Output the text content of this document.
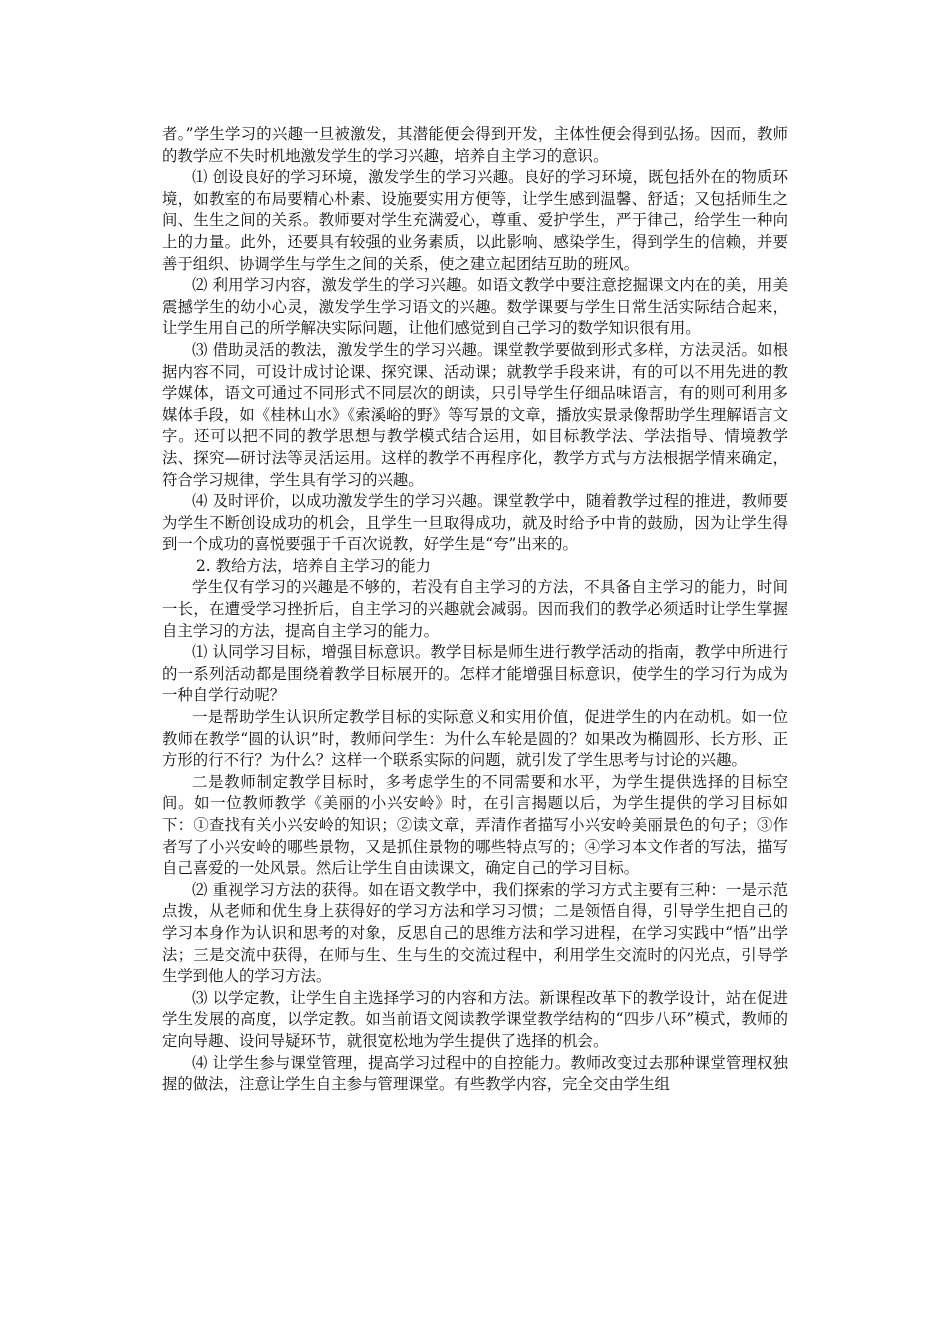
者。”学生学习的兴趣一旦被激发，其潜能便会得到开发，主体性便会得到弘扬。因而，教师的教学应不失时机地激发学生的学习兴趣，培养自主学习的意识。

⑴ 创设良好的学习环境，激发学生的学习兴趣。良好的学习环境，既包括外在的物质环境，如教室的布局要精心朴素、设施要实用方便等，让学生感到温馨、舒适；又包括师生之间、生生之间的关系。教师要对学生充满爱心，尊重、爱护学生，严于律己，给学生一种向上的力量。此外，还要具有较强的业务素质，以此影响、感染学生，得到学生的信赖，并要善于组织、协调学生与学生之间的关系，使之建立起团结互助的班风。

⑵ 利用学习内容，激发学生的学习兴趣。如语文教学中要注意挖掘课文内在的美，用美震撼学生的幼小心灵，激发学生学习语文的兴趣。数学课要与学生日常生活实际结合起来，让学生用自己的所学解决实际问题，让他们感觉到自己学习的数学知识很有用。

⑶ 借助灵活的教法，激发学生的学习兴趣。课堂教学要做到形式多样，方法灵活。如根据内容不同，可设计成讨论课、探究课、活动课；就教学手段来讲，有的可以不用先进的教学媒体，语文可通过不同形式不同层次的朗读，只引导学生仔细品味语言，有的则可利用多媒体手段，如《桂林山水》《索溪峪的野》等写景的文章，播放实景录像帮助学生理解语言文字。还可以把不同的教学思想与教学模式结合运用，如目标教学法、学法指导、情境教学法、探究—研讨法等灵活运用。这样的教学不再程序化，教学方式与方法根据学情来确定，符合学习规律，学生具有学习的兴趣。

⑷ 及时评价，以成功激发学生的学习兴趣。课堂教学中，随着教学过程的推进，教师要为学生不断创设成功的机会，且学生一旦取得成功，就及时给予中肯的鼓励，因为让学生得到一个成功的喜悦要强于千百次说教，好学生是“夸”出来的。

2. 教给方法，培养自主学习的能力

学生仅有学习的兴趣是不够的，若没有自主学习的方法，不具备自主学习的能力，时间一长，在遭受学习挫折后，自主学习的兴趣就会减弱。因而我们的教学必须适时让学生掌握自主学习的方法，提高自主学习的能力。

⑴ 认同学习目标，增强目标意识。教学目标是师生进行教学活动的指南，教学中所进行的一系列活动都是围绕着教学目标展开的。怎样才能增强目标意识，使学生的学习行为成为一种自学行动呢？

一是帮助学生认识所定教学目标的实际意义和实用价值，促进学生的内在动机。如一位教师在教学“圆的认识”时，教师问学生：为什么车轮是圆的？如果改为椭圆形、长方形、正方形的行不行？为什么？这样一个联系实际的问题，就引发了学生思考与讨论的兴趣。

二是教师制定教学目标时，多考虑学生的不同需要和水平，为学生提供选择的目标空间。如一位教师教学《美丽的小兴安岭》时，在引言揭题以后，为学生提供的学习目标如下：①查找有关小兴安岭的知识；②读文章，弄清作者描写小兴安岭美丽景色的句子；③作者写了小兴安岭的哪些景物，又是抓住景物的哪些特点写的；④学习本文作者的写法，描写自己喜爱的一处风景。然后让学生自由读课文，确定自己的学习目标。

⑵ 重视学习方法的获得。如在语文教学中，我们探索的学习方式主要有三种：一是示范点拨，从老师和优生身上获得好的学习方法和学习习惯；二是领悟自得，引导学生把自己的学习本身作为认识和思考的对象，反思自己的思维方法和学习进程，在学习实践中“悟”出学法；三是交流中获得，在师与生、生与生的交流过程中，利用学生交流时的闪光点，引导学生学到他人的学习方法。

⑶ 以学定教，让学生自主选择学习的内容和方法。新课程改革下的教学设计，站在促进学生发展的高度，以学定教。如当前语文阅读教学课堂教学结构的“四步八环”模式，教师的定向导趣、设问导疑环节，就很宽松地为学生提供了选择的机会。

⑷ 让学生参与课堂管理，提高学习过程中的自控能力。教师改变过去那种课堂管理权独握的做法，注意让学生自主参与管理课堂。有些教学内容，完全交由学生组
